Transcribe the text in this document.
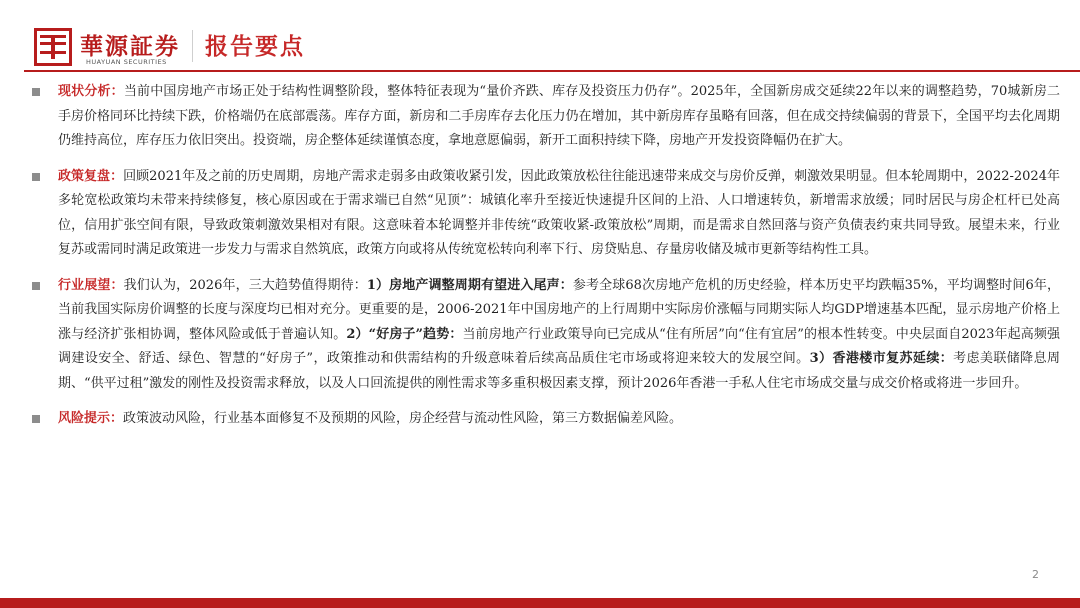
華源証券
HUAYUAN SECURITIES
报告要点
现状分析：当前中国房地产市场正处于结构性调整阶段，整体特征表现为“量价齐跌、库存及投资压力仍存”。2025年，全国新房成交延续22年以来的调整趋势，70城新房二手房价格同环比持续下跌，价格端仍在底部震荡。库存方面，新房和二手房库存去化压力仍在增加，其中新房库存虽略有回落，但在成交持续偏弱的背景下，全国平均去化周期仍维持高位，库存压力依旧突出。投资端，房企整体延续谨慎态度，拿地意愿偏弱，新开工面积持续下降，房地产开发投资降幅仍在扩大。
政策复盘：回顾2021年及之前的历史周期，房地产需求走弱多由政策收紧引发，因此政策放松往往能迅速带来成交与房价反弹，刺激效果明显。但本轮周期中，2022-2024年多轮宽松政策均未带来持续修复，核心原因或在于需求端已自然“见顶”：城镇化率升至接近快速提升区间的上沿、人口增速转负，新增需求放缓；同时居民与房企杠杆已处高位，信用扩张空间有限，导致政策刺激效果相对有限。这意味着本轮调整并非传统“政策收紧-政策放松”周期，而是需求自然回落与资产负债表约束共同导致。展望未来，行业复苏或需同时满足政策进一步发力与需求自然筑底，政策方向或将从传统宽松转向利率下行、房贷贴息、存量房收储及城市更新等结构性工具。
行业展望：我们认为，2026年，三大趋势值得期待：1）房地产调整周期有望进入尾声：参考全球68次房地产危机的历史经验，样本历史平均跌幅35%，平均调整时间6年，当前我国实际房价调整的长度与深度均已相对充分。更重要的是，2006-2021年中国房地产的上行周期中实际房价涨幅与同期实际人均GDP增速基本匹配，显示房地产价格上涨与经济扩张相协调，整体风险或低于普遍认知。2）“好房子”趋势：当前房地产行业政策导向已完成从“住有所居”向“住有宜居”的根本性转变。中央层面自2023年起高频强调建设安全、舒适、绿色、智慧的“好房子”，政策推动和供需结构的升级意味着后续高品质住宅市场或将迎来较大的发展空间。3）香港楼市复苏延续：考虑美联储降息周期、“供平过租”激发的刚性及投资需求释放，以及人口回流提供的刚性需求等多重积极因素支撑，预计2026年香港一手私人住宅市场成交量与成交价格或将进一步回升。
风险提示：政策波动风险，行业基本面修复不及预期的风险，房企经营与流动性风险，第三方数据偏差风险。
2
